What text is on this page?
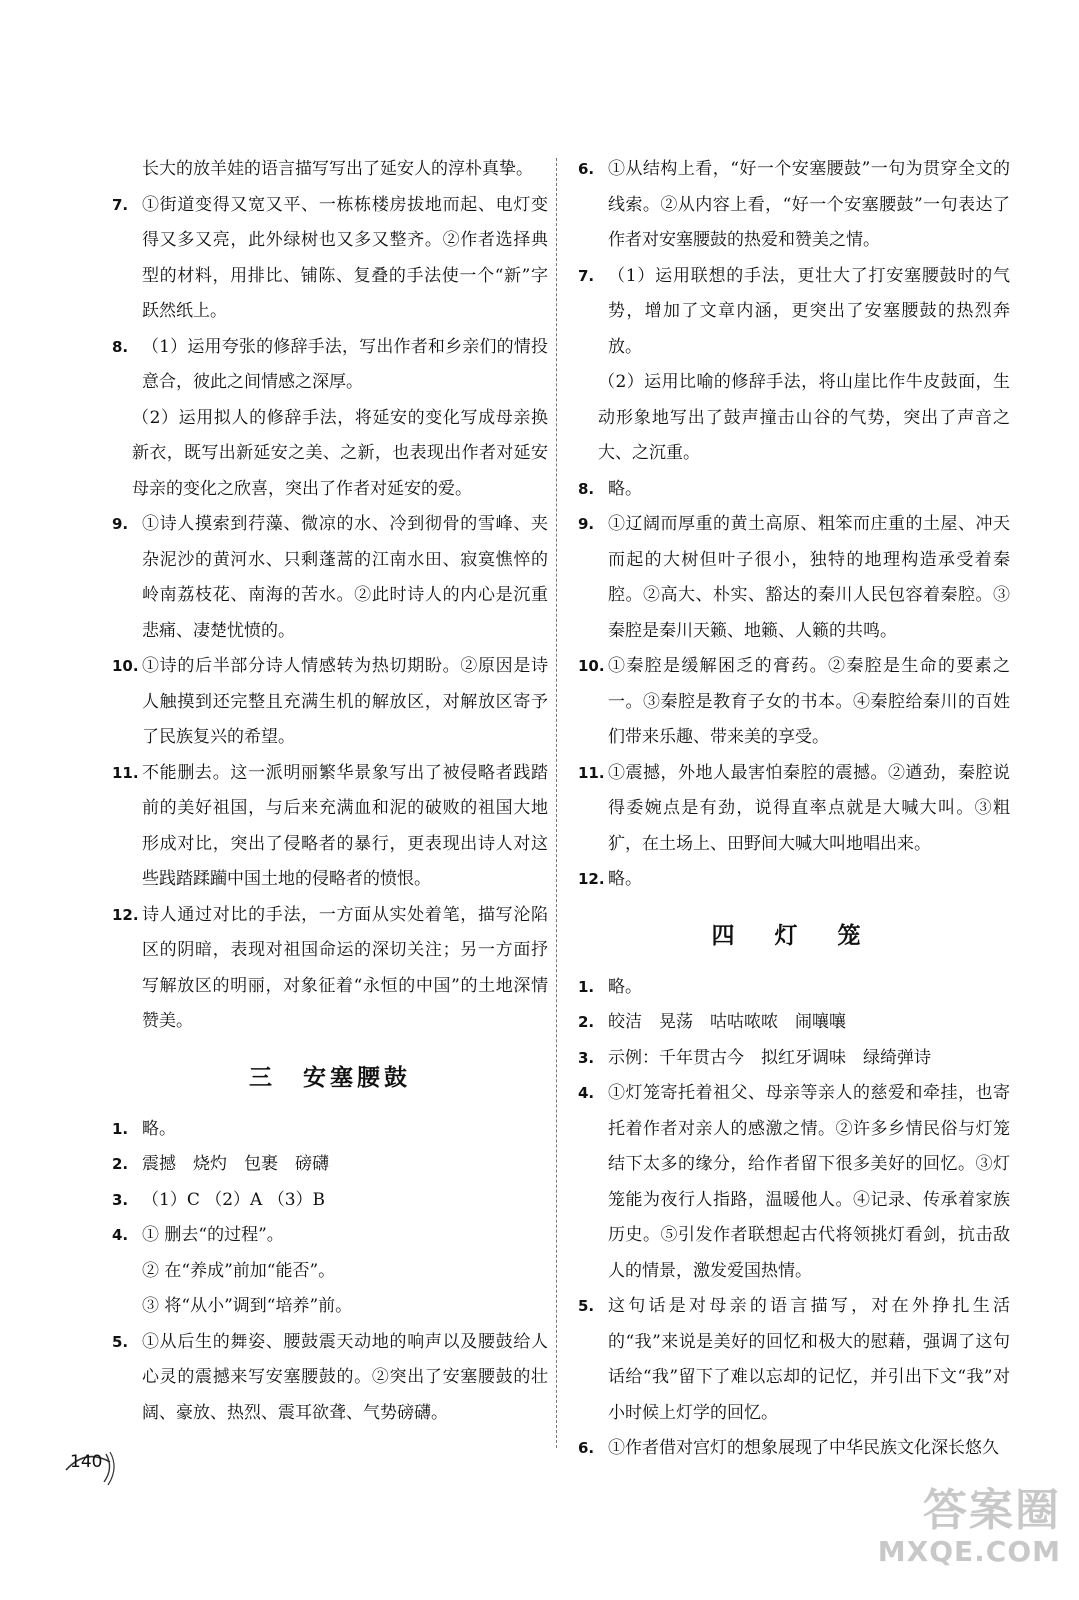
长大的放羊娃的语言描写写出了延安人的淳朴真挚。
7. ①街道变得又宽又平、一栋栋楼房拔地而起、电灯变得又多又亮，此外绿树也又多又整齐。②作者选择典型的材料，用排比、铺陈、复叠的手法使一个“新”字跃然纸上。
8. （1）运用夸张的修辞手法，写出作者和乡亲们的情投意合，彼此之间情感之深厚。
（2）运用拟人的修辞手法，将延安的变化写成母亲换新衣，既写出新延安之美、之新，也表现出作者对延安母亲的变化之欣喜，突出了作者对延安的爱。
9. ①诗人摸索到荇藻、微凉的水、冷到彻骨的雪峰、夹杂泥沙的黄河水、只剩蓬蒿的江南水田、寂寞憔悴的岭南荔枝花、南海的苦水。②此时诗人的内心是沉重悲痛、凄楚忧愤的。
10. ①诗的后半部分诗人情感转为热切期盼。②原因是诗人触摸到还完整且充满生机的解放区，对解放区寄予了民族复兴的希望。
11. 不能删去。这一派明丽繁华景象写出了被侵略者践踏前的美好祖国，与后来充满血和泥的破败的祖国大地形成对比，突出了侵略者的暴行，更表现出诗人对这些践踏蹂躏中国土地的侵略者的愤恨。
12. 诗人通过对比的手法，一方面从实处着笔，描写沦陷区的阴暗，表现对祖国命运的深切关注；另一方面抒写解放区的明丽，对象征着“永恒的中国”的土地深情赞美。
三　安塞腰鼓
1. 略。
2. 震撼　烧灼　包裹　磅礴
3. （1）C （2）A （3）B
4. ① 删去“的过程”。
② 在“养成”前加“能否”。
③ 将“从小”调到“培养”前。
5. ①从后生的舞姿、腰鼓震天动地的响声以及腰鼓给人心灵的震撼来写安塞腰鼓的。②突出了安塞腰鼓的壮阔、豪放、热烈、震耳欲聋、气势磅礴。
6. ①从结构上看，“好一个安塞腰鼓”一句为贯穿全文的线索。②从内容上看，“好一个安塞腰鼓”一句表达了作者对安塞腰鼓的热爱和赞美之情。
7. （1）运用联想的手法，更壮大了打安塞腰鼓时的气势，增加了文章内涵，更突出了安塞腰鼓的热烈奔放。
（2）运用比喻的修辞手法，将山崖比作牛皮鼓面，生动形象地写出了鼓声撞击山谷的气势，突出了声音之大、之沉重。
8. 略。
9. ①辽阔而厚重的黄土高原、粗笨而庄重的土屋、冲天而起的大树但叶子很小，独特的地理构造承受着秦腔。②高大、朴实、豁达的秦川人民包容着秦腔。③秦腔是秦川天籁、地籁、人籁的共鸣。
10. ①秦腔是缓解困乏的膏药。②秦腔是生命的要素之一。③秦腔是教育子女的书本。④秦腔给秦川的百姓们带来乐趣、带来美的享受。
11. ①震撼，外地人最害怕秦腔的震撼。②遒劲，秦腔说得委婉点是有劲，说得直率点就是大喊大叫。③粗犷，在土场上、田野间大喊大叫地唱出来。
12. 略。
四 灯 笼
1. 略。
2. 皎洁　晃荡　咕咕哝哝　闹嚷嚷
3. 示例：千年贯古今　拟红牙调味　绿绮弹诗
4. ①灯笼寄托着祖父、母亲等亲人的慈爱和牵挂，也寄托着作者对亲人的感激之情。②许多乡情民俗与灯笼结下太多的缘分，给作者留下很多美好的回忆。③灯笼能为夜行人指路，温暖他人。④记录、传承着家族历史。⑤引发作者联想起古代将领挑灯看剑，抗击敌人的情景，激发爱国热情。
5. 这句话是对母亲的语言描写，对在外挣扎生活的“我”来说是美好的回忆和极大的慰藉，强调了这句话给“我”留下了难以忘却的记忆，并引出下文“我”对小时候上灯学的回忆。
6. ①作者借对宫灯的想象展现了中华民族文化深长悠久
140
答案圈
MXQE.COM
